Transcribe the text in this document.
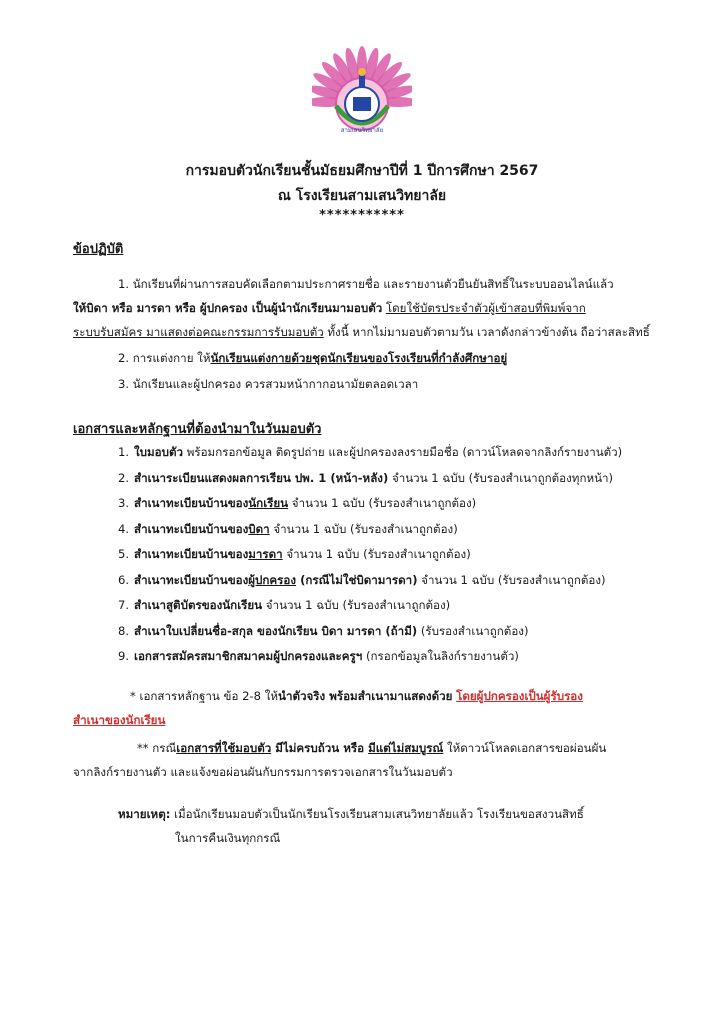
สามเสนวิทยาลัย
การมอบตัวนักเรียนชั้นมัธยมศึกษาปีที่ 1 ปีการศึกษา 2567
ณ โรงเรียนสามเสนวิทยาลัย
***********
ข้อปฏิบัติ
1. นักเรียนที่ผ่านการสอบคัดเลือกตามประกาศรายชื่อ และรายงานตัวยืนยันสิทธิ์ในระบบออนไลน์แล้ว
ให้บิดา หรือ มารดา หรือ ผู้ปกครอง เป็นผู้นำนักเรียนมามอบตัว โดยใช้บัตรประจำตัวผู้เข้าสอบที่พิมพ์จาก
ระบบรับสมัคร มาแสดงต่อคณะกรรมการรับมอบตัว ทั้งนี้ หากไม่มามอบตัวตามวัน เวลาดังกล่าวข้างต้น ถือว่าสละสิทธิ์
2. การแต่งกาย ให้นักเรียนแต่งกายด้วยชุดนักเรียนของโรงเรียนที่กำลังศึกษาอยู่
3. นักเรียนและผู้ปกครอง ควรสวมหน้ากากอนามัยตลอดเวลา
เอกสารและหลักฐานที่ต้องนำมาในวันมอบตัว
1. ใบมอบตัว พร้อมกรอกข้อมูล ติดรูปถ่าย และผู้ปกครองลงรายมือชื่อ (ดาวน์โหลดจากลิงก์รายงานตัว)
2. สำเนาระเบียนแสดงผลการเรียน ปพ. 1 (หน้า-หลัง) จำนวน 1 ฉบับ (รับรองสำเนาถูกต้องทุกหน้า)
3. สำเนาทะเบียนบ้านของนักเรียน จำนวน 1 ฉบับ (รับรองสำเนาถูกต้อง)
4. สำเนาทะเบียนบ้านของบิดา จำนวน 1 ฉบับ (รับรองสำเนาถูกต้อง)
5. สำเนาทะเบียนบ้านของมารดา จำนวน 1 ฉบับ (รับรองสำเนาถูกต้อง)
6. สำเนาทะเบียนบ้านของผู้ปกครอง (กรณีไม่ใช่บิดามารดา) จำนวน 1 ฉบับ (รับรองสำเนาถูกต้อง)
7. สำเนาสูติบัตรของนักเรียน จำนวน 1 ฉบับ (รับรองสำเนาถูกต้อง)
8. สำเนาใบเปลี่ยนชื่อ-สกุล ของนักเรียน บิดา มารดา (ถ้ามี) (รับรองสำเนาถูกต้อง)
9. เอกสารสมัครสมาชิกสมาคมผู้ปกครองและครูฯ (กรอกข้อมูลในลิงก์รายงานตัว)
* เอกสารหลักฐาน ข้อ 2-8 ให้นำตัวจริง พร้อมสำเนามาแสดงด้วย โดยผู้ปกครองเป็นผู้รับรอง
สำเนาของนักเรียน
** กรณีเอกสารที่ใช้มอบตัว มีไม่ครบถ้วน หรือ มีแต่ไม่สมบูรณ์ ให้ดาวน์โหลดเอกสารขอผ่อนผัน
จากลิงก์รายงานตัว และแจ้งขอผ่อนผันกับกรรมการตรวจเอกสารในวันมอบตัว
หมายเหตุ: เมื่อนักเรียนมอบตัวเป็นนักเรียนโรงเรียนสามเสนวิทยาลัยแล้ว โรงเรียนขอสงวนสิทธิ์
ในการคืนเงินทุกกรณี
